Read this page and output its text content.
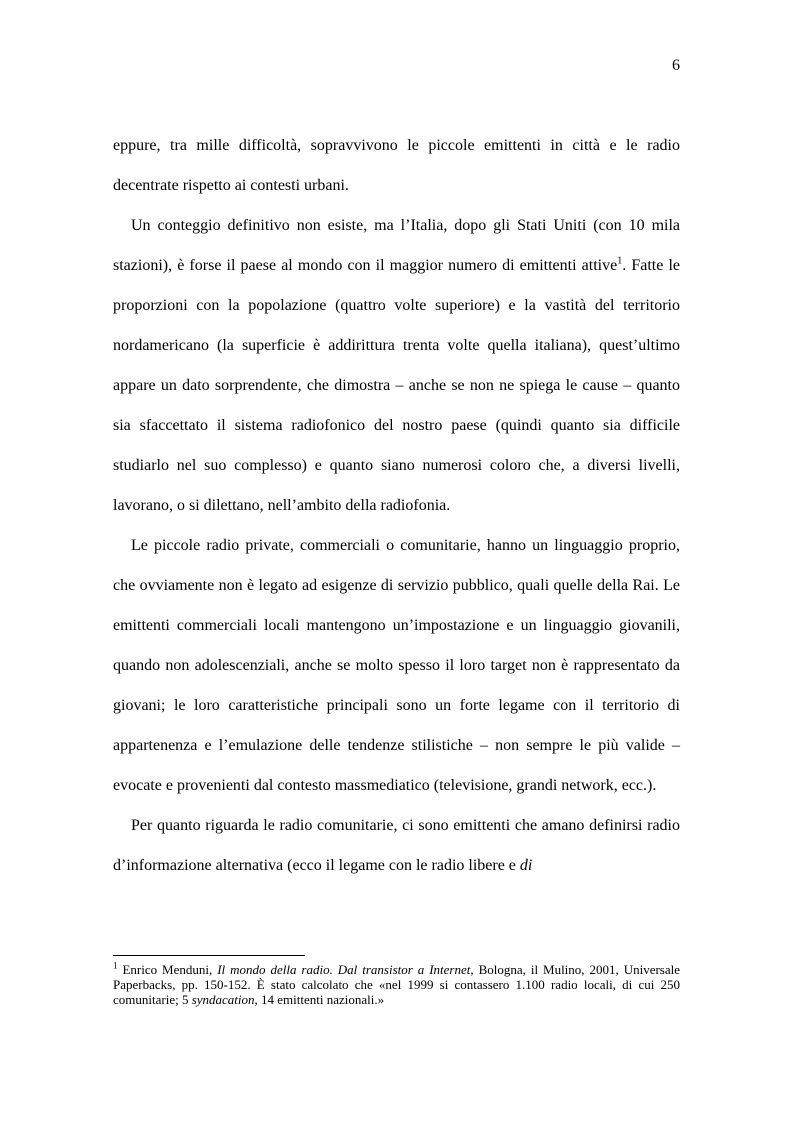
6

eppure, tra mille difficoltà, sopravvivono le piccole emittenti in città e le radio decentrate rispetto ai contesti urbani.

Un conteggio definitivo non esiste, ma l’Italia, dopo gli Stati Uniti (con 10 mila stazioni), è forse il paese al mondo con il maggior numero di emittenti attive$^1$. Fatte le proporzioni con la popolazione (quattro volte superiore) e la vastità del territorio nordamericano (la superficie è addirittura trenta volte quella italiana), quest’ultimo appare un dato sorprendente, che dimostra – anche se non ne spiega le cause – quanto sia sfaccettato il sistema radiofonico del nostro paese (quindi quanto sia difficile studiarlo nel suo complesso) e quanto siano numerosi coloro che, a diversi livelli, lavorano, o si dilettano, nell’ambito della radiofonia.

Le piccole radio private, commerciali o comunitarie, hanno un linguaggio proprio, che ovviamente non è legato ad esigenze di servizio pubblico, quali quelle della Rai. Le emittenti commerciali locali mantengono un’impostazione e un linguaggio giovanili, quando non adolescenziali, anche se molto spesso il loro target non è rappresentato da giovani; le loro caratteristiche principali sono un forte legame con il territorio di appartenenza e l’emulazione delle tendenze stilistiche – non sempre le più valide – evocate e provenienti dal contesto massmediatico (televisione, grandi network, ecc.).

Per quanto riguarda le radio comunitarie, ci sono emittenti che amano definirsi radio d’informazione alternativa (ecco il legame con le radio libere e di

$^1$ Enrico Menduni, Il mondo della radio. Dal transistor a Internet, Bologna, il Mulino, 2001, Universale Paperbacks, pp. 150-152. È stato calcolato che «nel 1999 si contassero 1.100 radio locali, di cui 250 comunitarie; 5 syndacation, 14 emittenti nazionali.»
